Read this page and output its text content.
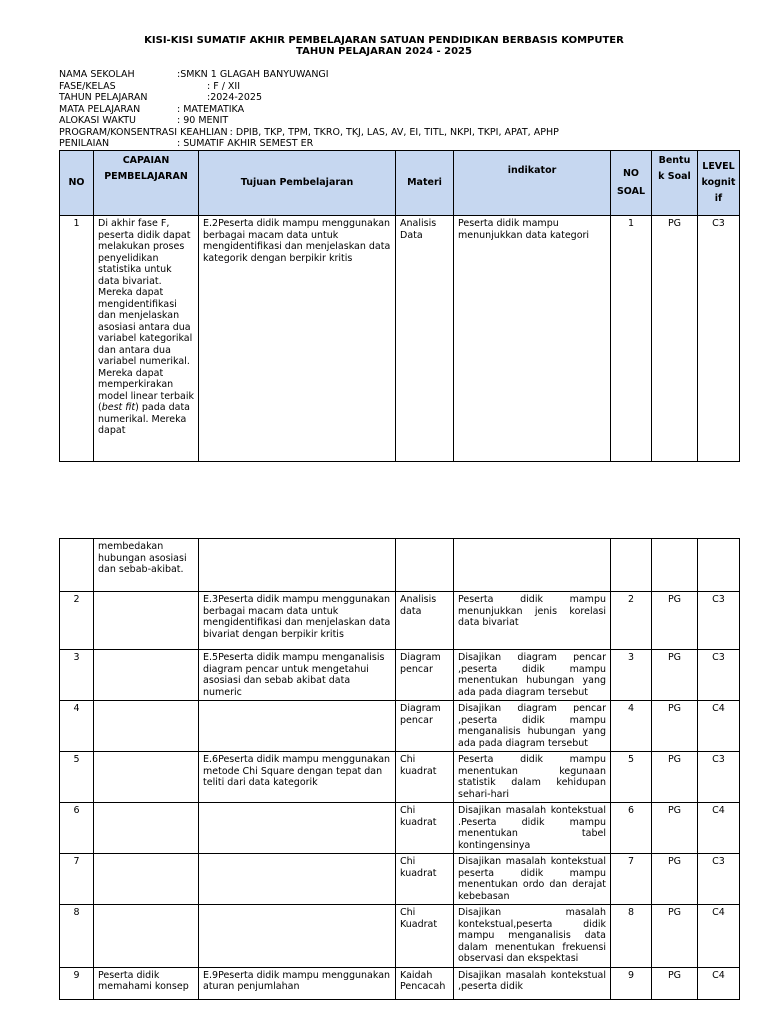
KISI-KISI SUMATIF AKHIR PEMBELAJARAN SATUAN PENDIDIKAN BERBASIS KOMPUTER
TAHUN PELAJARAN 2024 - 2025
NAMA SEKOLAH	:SMKN 1 GLAGAH BANYUWANGI
FASE/KELAS	: F / XII
TAHUN PELAJARAN	:2024-2025
MATA PELAJARAN	: MATEMATIKA
ALOKASI WAKTU	: 90 MENIT
PROGRAM/KONSENTRASI KEAHLIAN : DPIB, TKP, TPM, TKRO, TKJ, LAS, AV, EI, TITL, NKPI, TKPI, APAT, APHP
PENILAIAN	: SUMATIF AKHIR SEMEST ER
NO	CAPAIAN PEMBELAJARAN	Tujuan Pembelajaran	Materi	indikator	NO SOAL	Bentuk Soal	LEVEL kognitif
1	Di akhir fase F, peserta didik dapat melakukan proses penyelidikan statistika untuk data bivariat. Mereka dapat mengidentifikasi dan menjelaskan asosiasi antara dua variabel kategorikal dan antara dua variabel numerikal. Mereka dapat memperkirakan model linear terbaik (best fit) pada data numerikal. Mereka dapat	E.2Peserta didik mampu menggunakan berbagai macam data untuk mengidentifikasi dan menjelaskan data kategorik dengan berpikir kritis	Analisis Data	Peserta didik mampu menunjukkan data kategori	1	PG	C3
	membedakan hubungan asosiasi dan sebab-akibat.						
2		E.3Peserta didik mampu menggunakan berbagai macam data untuk mengidentifikasi dan menjelaskan data bivariat dengan berpikir kritis	Analisis data	Peserta didik mampu menunjukkan jenis korelasi data bivariat	2	PG	C3
3		E.5Peserta didik mampu menganalisis diagram pencar untuk mengetahui asosiasi dan sebab akibat data numeric	Diagram pencar	Disajikan diagram pencar ,peserta didik mampu menentukan hubungan yang ada pada diagram tersebut	3	PG	C3
4			Diagram pencar	Disajikan diagram pencar ,peserta didik mampu menganalisis hubungan yang ada pada diagram tersebut	4	PG	C4
5		E.6Peserta didik mampu menggunakan metode Chi Square dengan tepat dan teliti dari data kategorik	Chi kuadrat	Peserta didik mampu menentukan kegunaan statistik dalam kehidupan sehari-hari	5	PG	C3
6			Chi kuadrat	Disajikan masalah kontekstual .Peserta didik mampu menentukan tabel kontingensinya	6	PG	C4
7			Chi kuadrat	Disajikan masalah kontekstual peserta didik mampu menentukan ordo dan derajat kebebasan	7	PG	C3
8			Chi Kuadrat	Disajikan masalah kontekstual,peserta didik mampu menganalisis data dalam menentukan frekuensi observasi dan ekspektasi	8	PG	C4
9	Peserta didik memahami konsep	E.9Peserta didik mampu menggunakan aturan penjumlahan	Kaidah Pencacah	Disajikan masalah kontekstual ,peserta didik	9	PG	C4
